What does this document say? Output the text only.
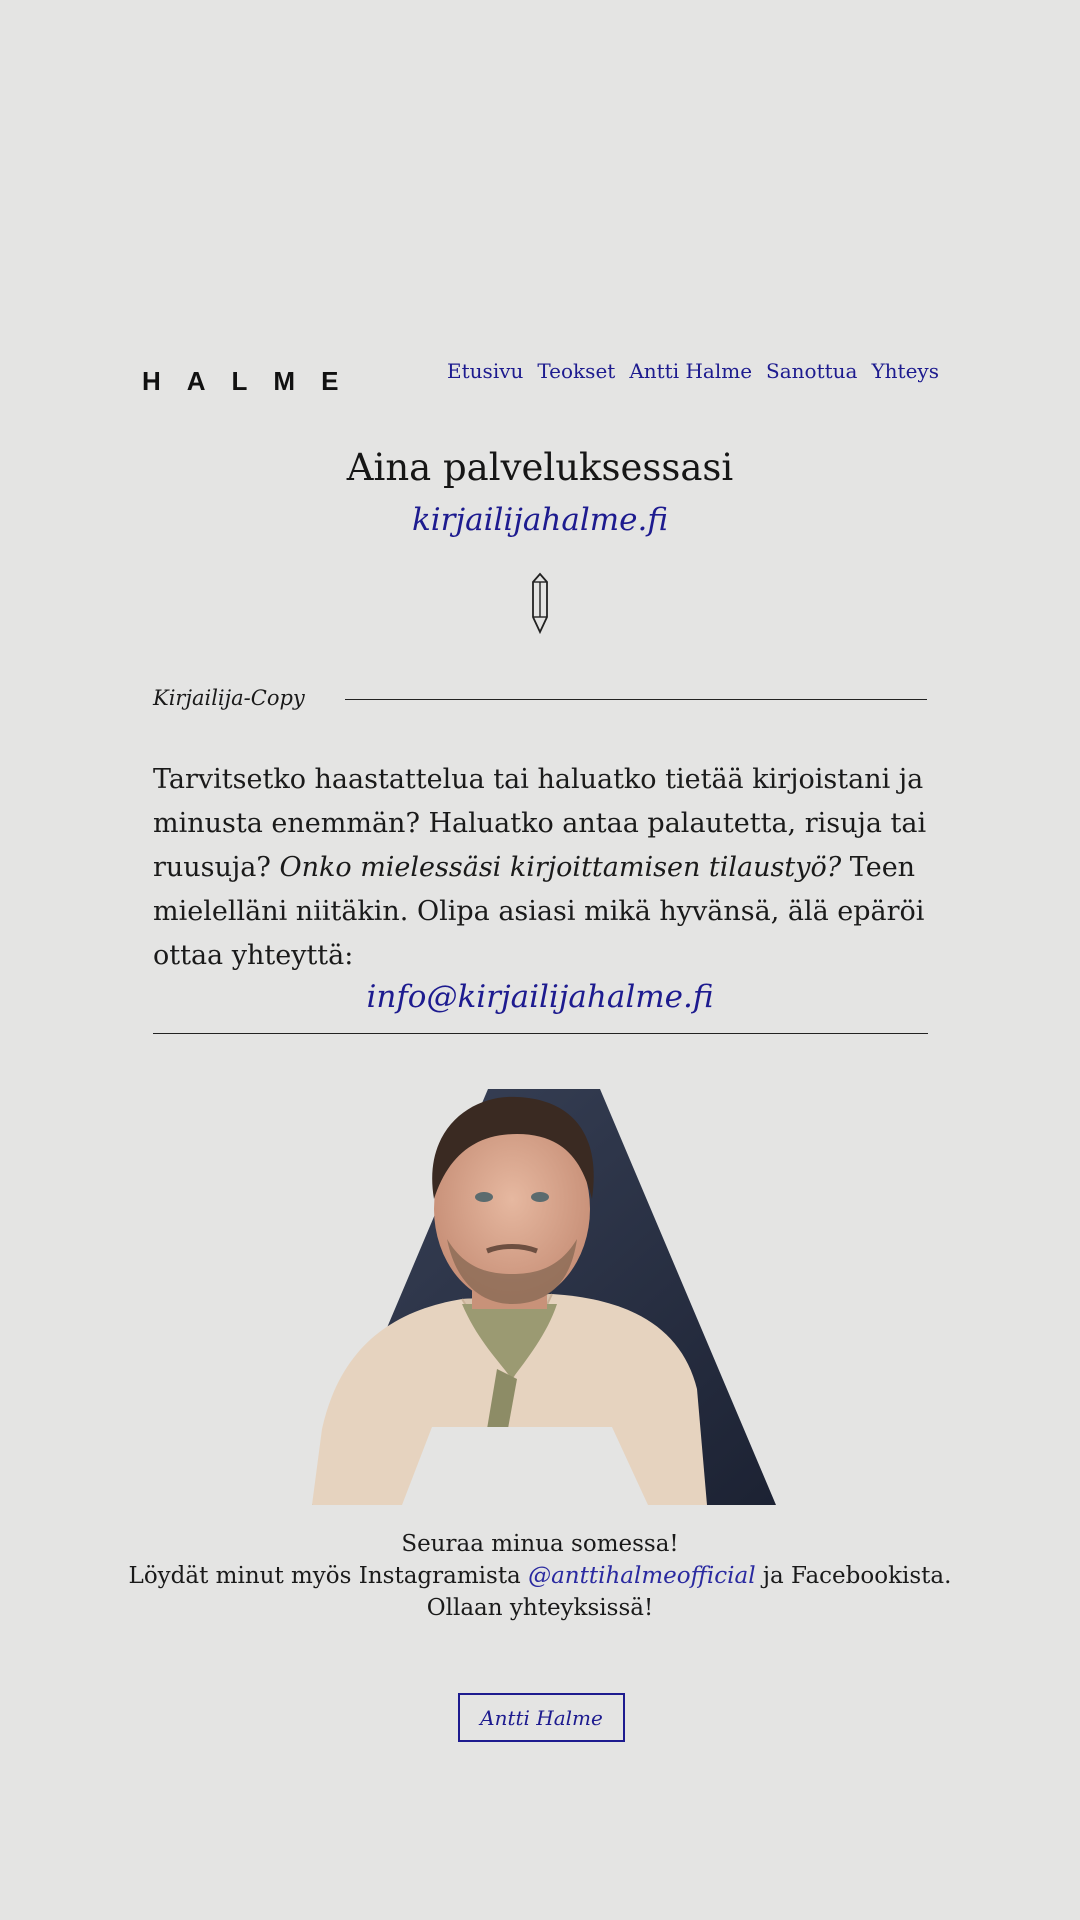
HALME	Etusivu Teokset Antti Halme Sanottua Yhteys
Aina palveluksessasi
kirjailijahalme.fi
Kirjailija-Copy
Tarvitsetko haastattelua tai haluatko tietää kirjoistani ja minusta enemmän? Haluatko antaa palautetta, risuja tai ruusuja? Onko mielessäsi kirjoittamisen tilaustyö? Teen mielelläni niitäkin. Olipa asiasi mikä hyvänsä, älä epäröi ottaa yhteyttä:
info@kirjailijahalme.fi
Seuraa minua somessa!
Löydät minut myös Instagramista @anttihalmeofficial ja Facebookista.
Ollaan yhteyksissä!
Antti Halme
